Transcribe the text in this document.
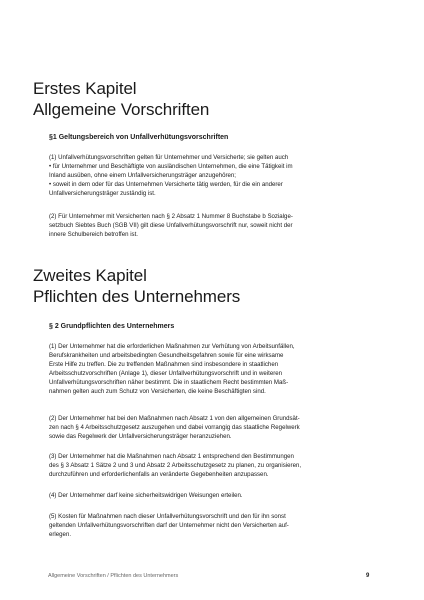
Erstes Kapitel
Allgemeine Vorschriften
§1 Geltungsbereich von Unfallverhütungsvorschriften

(1) Unfallverhütungsvorschriften gelten für Unternehmer und Versicherte; sie gelten auch
• für Unternehmer und Beschäftigte von ausländischen Unternehmen, die eine Tätigkeit im
Inland ausüben, ohne einem Unfallversicherungsträger anzugehören;
• soweit in dem oder für das Unternehmen Versicherte tätig werden, für die ein anderer
Unfallversicherungsträger zuständig ist.

(2) Für Unternehmer mit Versicherten nach § 2 Absatz 1 Nummer 8 Buchstabe b Sozialge-
setzbuch Siebtes Buch (SGB VII) gilt diese Unfallverhütungsvorschrift nur, soweit nicht der
innere Schulbereich betroffen ist.

Zweites Kapitel
Pflichten des Unternehmers
§ 2 Grundpflichten des Unternehmers

(1) Der Unternehmer hat die erforderlichen Maßnahmen zur Verhütung von Arbeitsunfällen,
Berufskrankheiten und arbeitsbedingten Gesundheitsgefahren sowie für eine wirksame
Erste Hilfe zu treffen. Die zu treffenden Maßnahmen sind insbesondere in staatlichen
Arbeitsschutzvorschriften (Anlage 1), dieser Unfallverhütungsvorschrift und in weiteren
Unfallverhütungsvorschriften näher bestimmt. Die in staatlichem Recht bestimmten Maß-
nahmen gelten auch zum Schutz von Versicherten, die keine Beschäftigten sind.

(2) Der Unternehmer hat bei den Maßnahmen nach Absatz 1 von den allgemeinen Grundsät-
zen nach § 4 Arbeitsschutzgesetz auszugehen und dabei vorrangig das staatliche Regelwerk
sowie das Regelwerk der Unfallversicherungsträger heranzuziehen.

(3) Der Unternehmer hat die Maßnahmen nach Absatz 1 entsprechend den Bestimmungen
des § 3 Absatz 1 Sätze 2 und 3 und Absatz 2 Arbeitsschutzgesetz zu planen, zu organisieren,
durchzuführen und erforderlichenfalls an veränderte Gegebenheiten anzupassen.

(4) Der Unternehmer darf keine sicherheitswidrigen Weisungen erteilen.

(5) Kosten für Maßnahmen nach dieser Unfallverhütungsvorschrift und den für ihn sonst
geltenden Unfallverhütungsvorschriften darf der Unternehmer nicht den Versicherten auf-
erlegen.

Allgemeine Vorschriften / Pflichten des Unternehmers	9
